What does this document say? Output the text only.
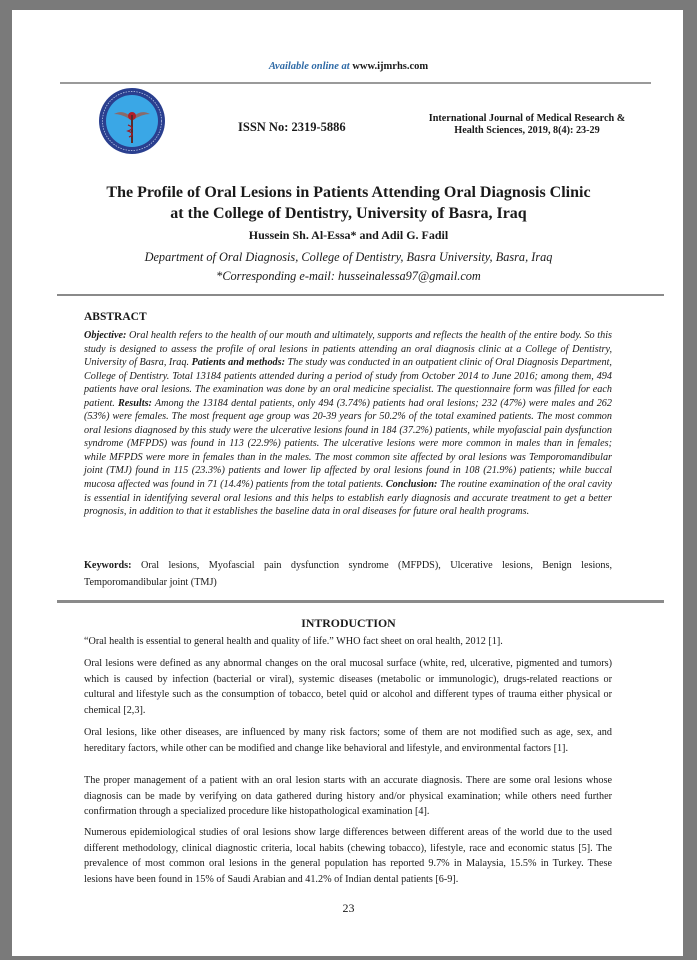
Available online at www.ijmrhs.com
ISSN No: 2319-5886
International Journal of Medical Research &
Health Sciences, 2019, 8(4): 23-29
The Profile of Oral Lesions in Patients Attending Oral Diagnosis Clinic
at the College of Dentistry, University of Basra, Iraq
Hussein Sh. Al-Essa* and Adil G. Fadil
Department of Oral Diagnosis, College of Dentistry, Basra University, Basra, Iraq
*Corresponding e-mail: husseinalessa97@gmail.com
ABSTRACT
Objective: Oral health refers to the health of our mouth and ultimately, supports and reflects the health of the entire body. So this study is designed to assess the profile of oral lesions in patients attending an oral diagnosis clinic at a College of Dentistry, University of Basra, Iraq. Patients and methods: The study was conducted in an outpatient clinic of Oral Diagnosis Department, College of Dentistry. Total 13184 patients attended during a period of study from October 2014 to June 2016; among them, 494 patients have oral lesions. The examination was done by an oral medicine specialist. The questionnaire form was filled for each patient. Results: Among the 13184 dental patients, only 494 (3.74%) patients had oral lesions; 232 (47%) were males and 262 (53%) were females. The most frequent age group was 20-39 years for 50.2% of the total examined patients. The most common oral lesions diagnosed by this study were the ulcerative lesions found in 184 (37.2%) patients, while myofascial pain dysfunction syndrome (MFPDS) was found in 113 (22.9%) patients. The ulcerative lesions were more common in males than in females; while MFPDS were more in females than in the males. The most common site affected by oral lesions was Temporomandibular joint (TMJ) found in 115 (23.3%) patients and lower lip affected by oral lesions found in 108 (21.9%) patients; while buccal mucosa affected was found in 71 (14.4%) patients from the total patients. Conclusion: The routine examination of the oral cavity is essential in identifying several oral lesions and this helps to establish early diagnosis and accurate treatment to get a better prognosis, in addition to that it establishes the baseline data in oral diseases for future oral health programs.
Keywords: Oral lesions, Myofascial pain dysfunction syndrome (MFPDS), Ulcerative lesions, Benign lesions, Temporomandibular joint (TMJ)
INTRODUCTION
“Oral health is essential to general health and quality of life.” WHO fact sheet on oral health, 2012 [1].
Oral lesions were defined as any abnormal changes on the oral mucosal surface (white, red, ulcerative, pigmented and tumors) which is caused by infection (bacterial or viral), systemic diseases (metabolic or immunologic), drugs-related reactions or cultural and lifestyle such as the consumption of tobacco, betel quid or alcohol and different types of trauma either physical or chemical [2,3].
Oral lesions, like other diseases, are influenced by many risk factors; some of them are not modified such as age, sex, and hereditary factors, while other can be modified and change like behavioral and lifestyle, and environmental factors [1].
The proper management of a patient with an oral lesion starts with an accurate diagnosis. There are some oral lesions whose diagnosis can be made by verifying on data gathered during history and/or physical examination; while others need further confirmation through a specialized procedure like histopathological examination [4].
Numerous epidemiological studies of oral lesions show large differences between different areas of the world due to the used different methodology, clinical diagnostic criteria, local habits (chewing tobacco), lifestyle, race and economic status [5]. The prevalence of most common oral lesions in the general population has reported 9.7% in Malaysia, 15.5% in Turkey. These lesions have been found in 15% of Saudi Arabian and 41.2% of Indian dental patients [6-9].
23
